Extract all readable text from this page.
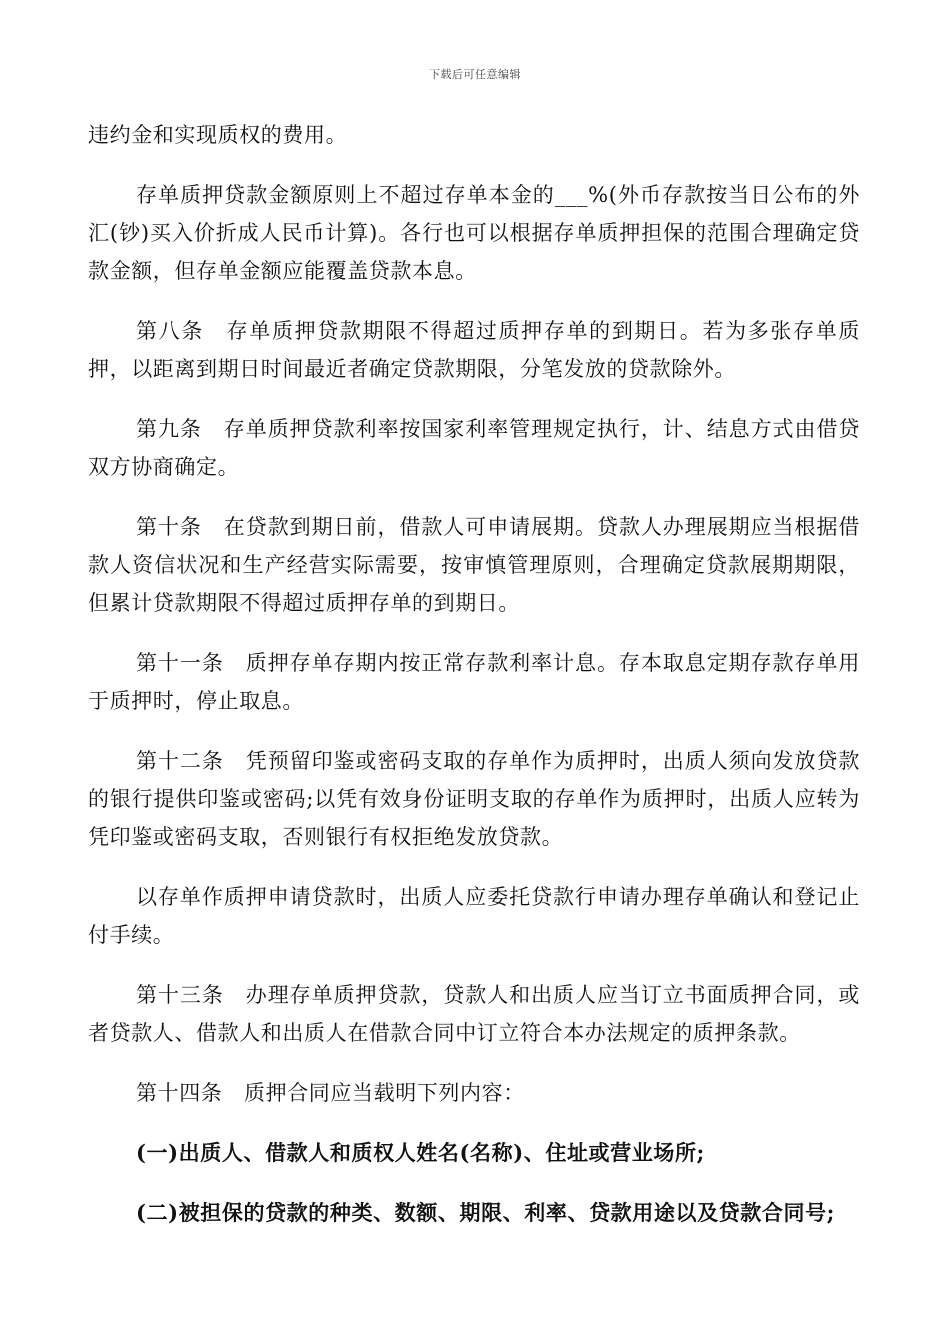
下载后可任意编辑

违约金和实现质权的费用。

存单质押贷款金额原则上不超过存单本金的___%(外币存款按当日公布的外汇(钞)买入价折成人民币计算)。各行也可以根据存单质押担保的范围合理确定贷款金额，但存单金额应能覆盖贷款本息。

第八条　存单质押贷款期限不得超过质押存单的到期日。若为多张存单质押，以距离到期日时间最近者确定贷款期限，分笔发放的贷款除外。

第九条　存单质押贷款利率按国家利率管理规定执行，计、结息方式由借贷双方协商确定。

第十条　在贷款到期日前，借款人可申请展期。贷款人办理展期应当根据借款人资信状况和生产经营实际需要，按审慎管理原则，合理确定贷款展期期限，但累计贷款期限不得超过质押存单的到期日。

第十一条　质押存单存期内按正常存款利率计息。存本取息定期存款存单用于质押时，停止取息。

第十二条　凭预留印鉴或密码支取的存单作为质押时，出质人须向发放贷款的银行提供印鉴或密码;以凭有效身份证明支取的存单作为质押时，出质人应转为凭印鉴或密码支取，否则银行有权拒绝发放贷款。

以存单作质押申请贷款时，出质人应委托贷款行申请办理存单确认和登记止付手续。

第十三条　办理存单质押贷款，贷款人和出质人应当订立书面质押合同，或者贷款人、借款人和出质人在借款合同中订立符合本办法规定的质押条款。

第十四条　质押合同应当载明下列内容：

(一)出质人、借款人和质权人姓名(名称)、住址或营业场所;

(二)被担保的贷款的种类、数额、期限、利率、贷款用途以及贷款合同号;
